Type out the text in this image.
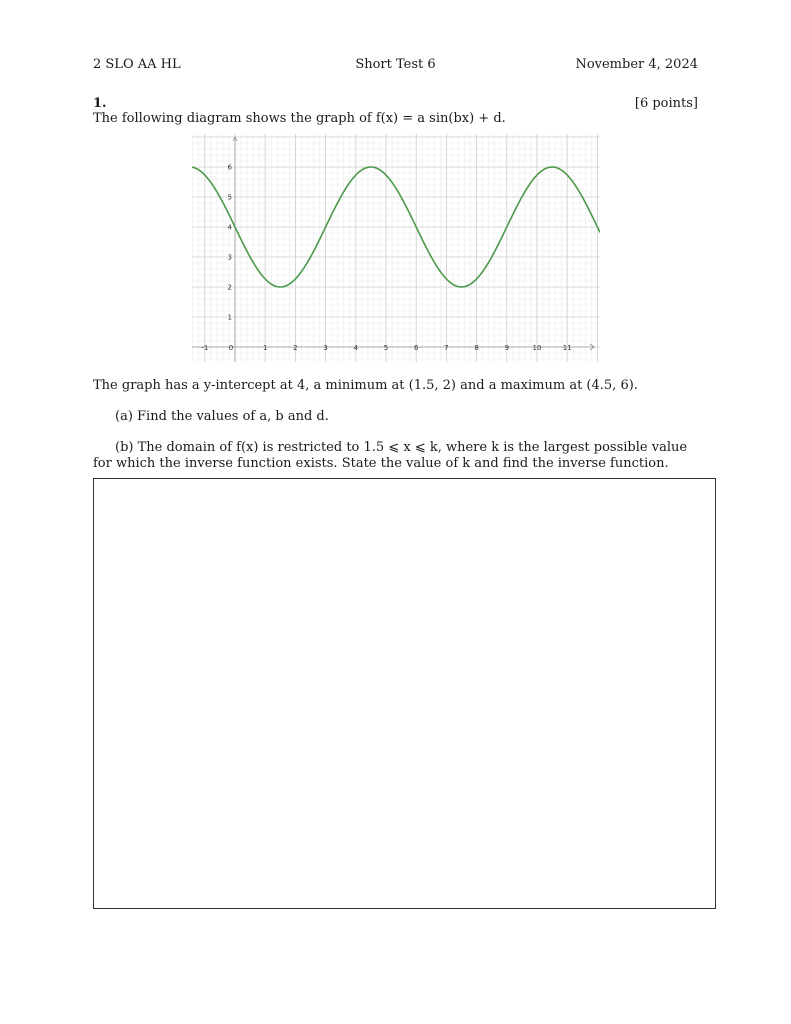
2 SLO AA HL	Short Test 6	November 4, 2024
1.	[6 points]
The following diagram shows the graph of f(x) = a sin(bx) + d.
-1	0	1	2	3	4	5	6	7	8	9	10	11
1
2
3
4
5
6
The graph has a y-intercept at 4, a minimum at (1.5, 2) and a maximum at (4.5, 6).
(a) Find the values of a, b and d.
(b) The domain of f(x) is restricted to 1.5 ⩽ x ⩽ k, where k is the largest possible value for which the inverse function exists. State the value of k and find the inverse function.
